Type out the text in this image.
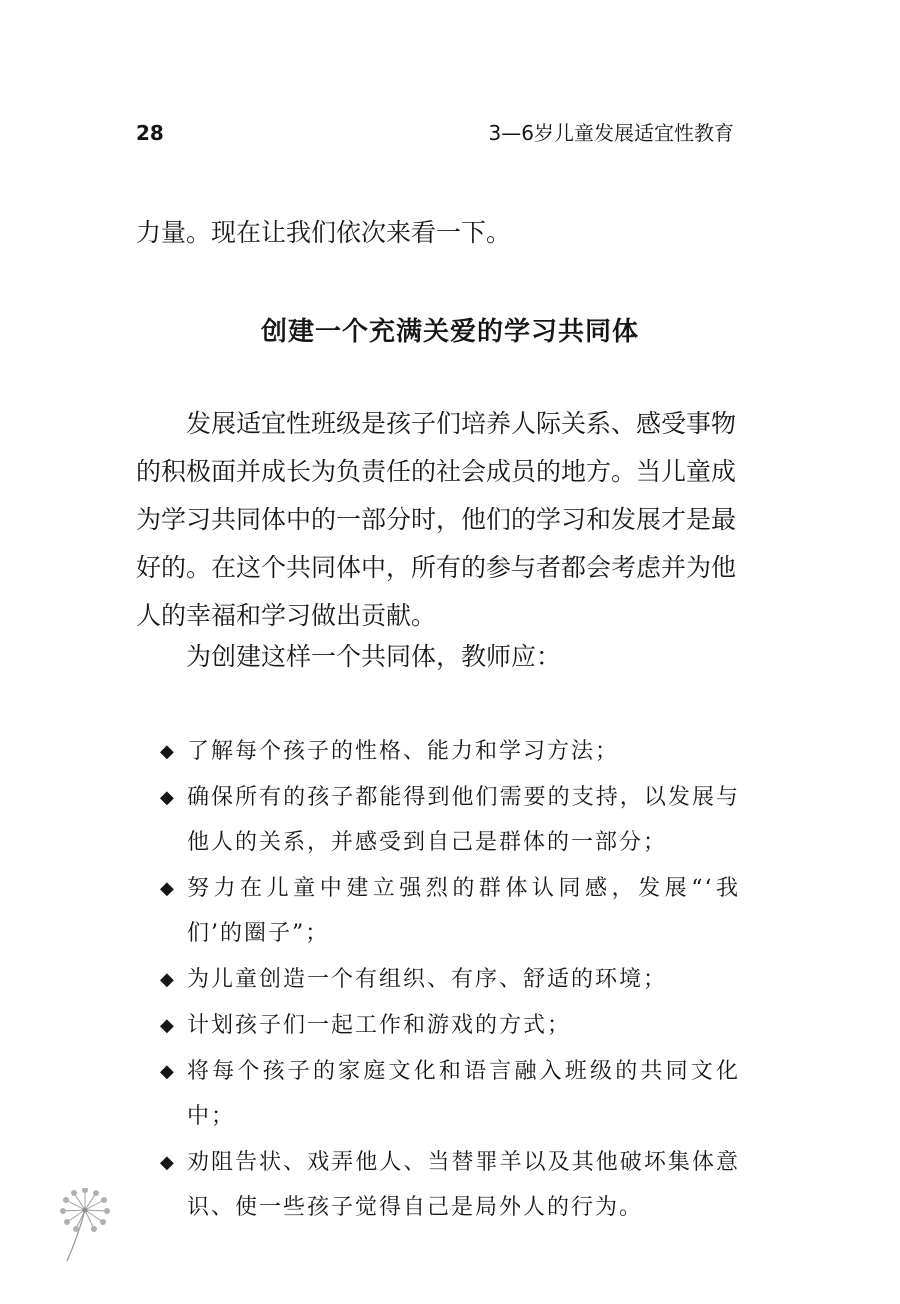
28	3—6岁儿童发展适宜性教育
力量。现在让我们依次来看一下。
创建一个充满关爱的学习共同体

发展适宜性班级是孩子们培养人际关系、感受事物的积极面并成长为负责任的社会成员的地方。当儿童成为学习共同体中的一部分时，他们的学习和发展才是最好的。在这个共同体中，所有的参与者都会考虑并为他人的幸福和学习做出贡献。

为创建这样一个共同体，教师应：
◆ 了解每个孩子的性格、能力和学习方法；
◆ 确保所有的孩子都能得到他们需要的支持，以发展与他人的关系，并感受到自己是群体的一部分；
◆ 努力在儿童中建立强烈的群体认同感，发展“‘我们’的圈子”；
◆ 为儿童创造一个有组织、有序、舒适的环境；
◆ 计划孩子们一起工作和游戏的方式；
◆ 将每个孩子的家庭文化和语言融入班级的共同文化中；
◆ 劝阻告状、戏弄他人、当替罪羊以及其他破坏集体意识、使一些孩子觉得自己是局外人的行为。
